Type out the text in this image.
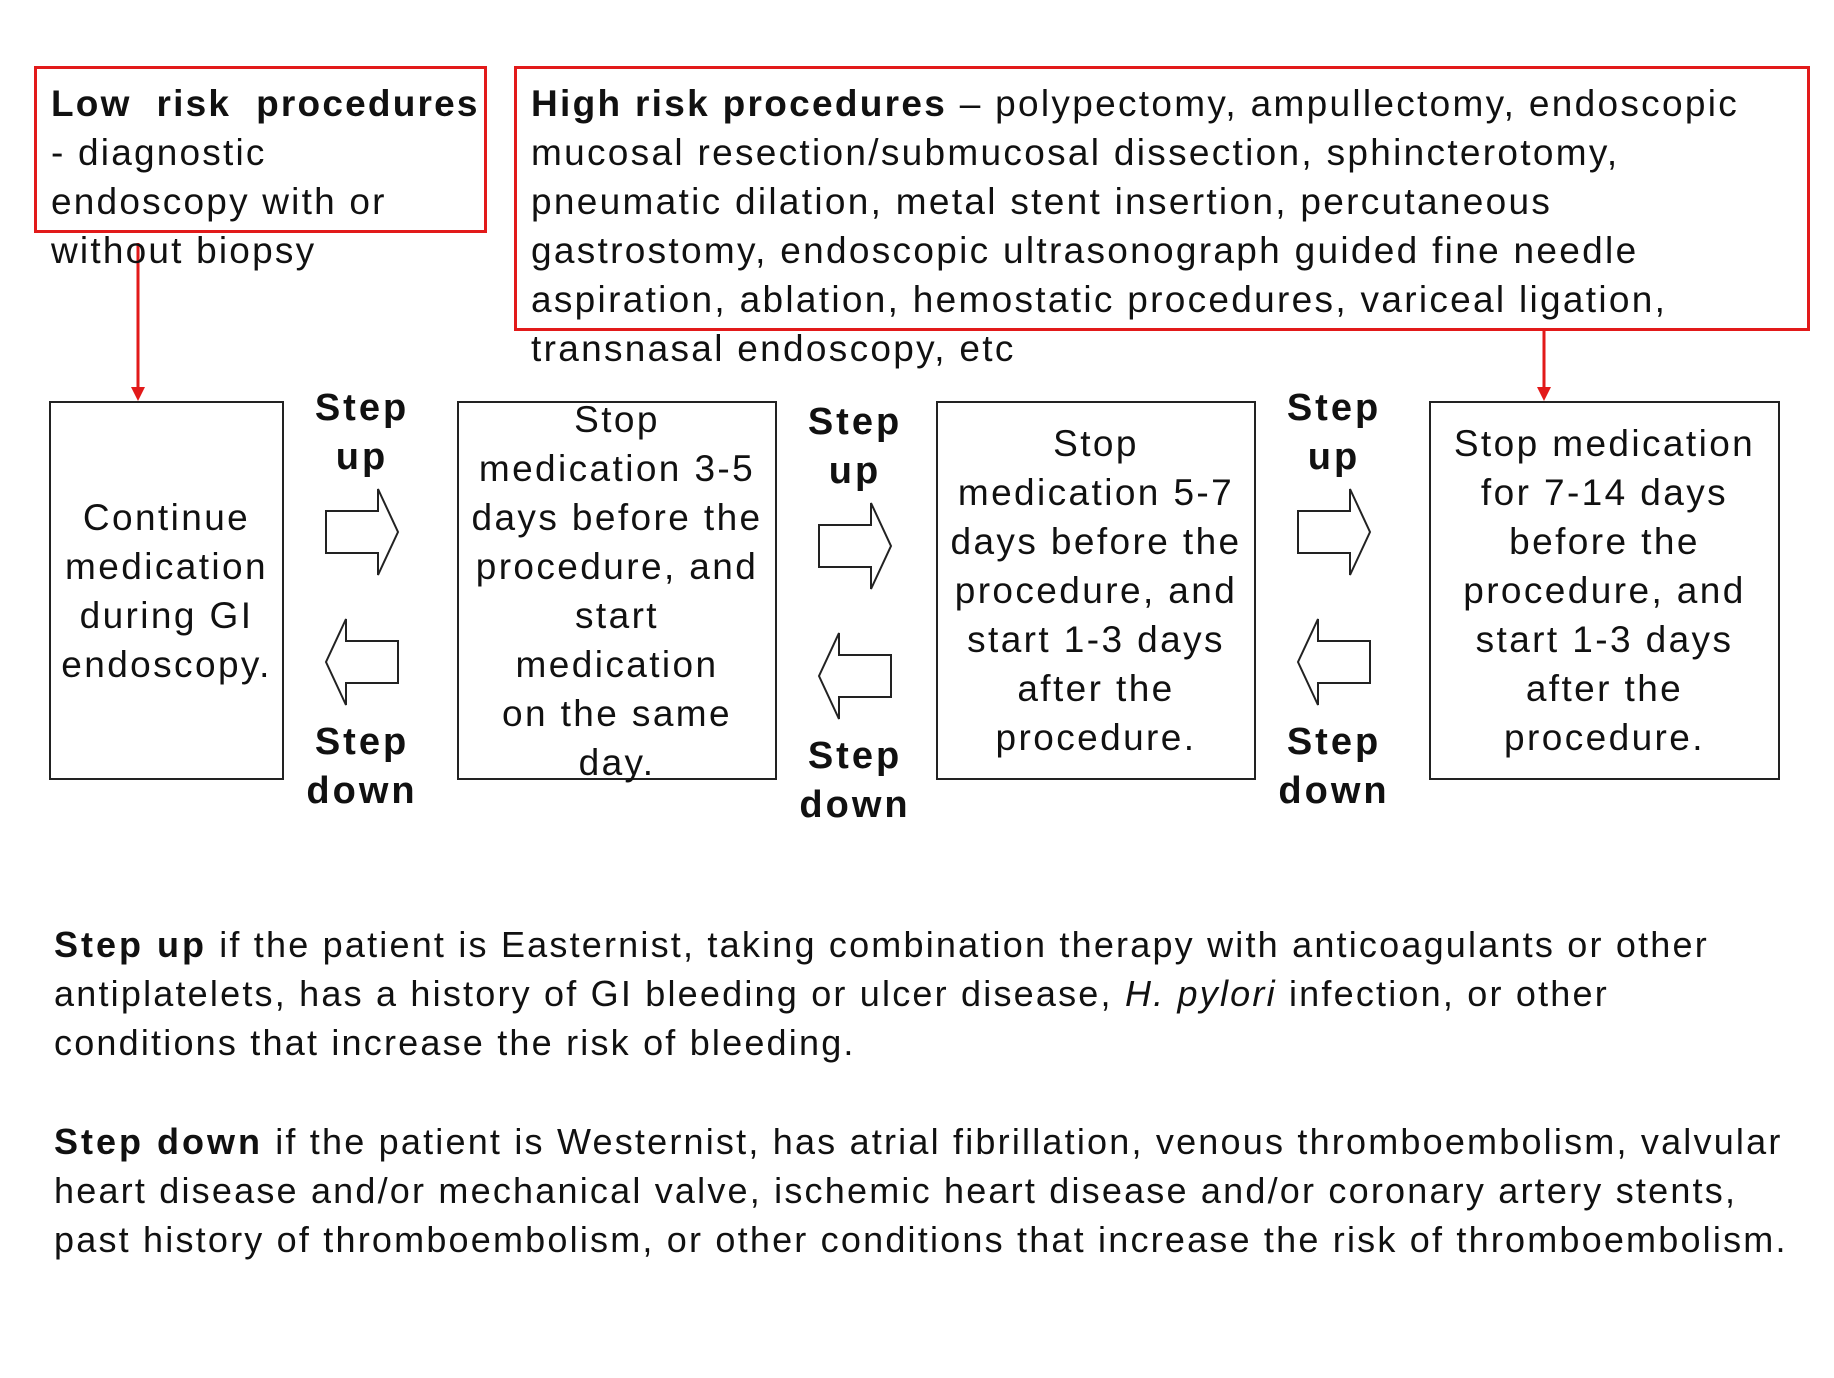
Low  risk  procedures - diagnostic endoscopy with or without biopsy
High risk procedures – polypectomy, ampullectomy, endoscopic mucosal resection/submucosal dissection, sphincterotomy, pneumatic dilation, metal stent insertion, percutaneous gastrostomy, endoscopic ultrasonograph guided fine needle aspiration, ablation, hemostatic procedures, variceal ligation, transnasal endoscopy, etc
Continue
medication
during GI
endoscopy.
Stop
medication 3-5
days before the
procedure, and
start medication
on the same
day.
Stop
medication 5-7
days before the
procedure, and
start 1-3 days
after the
procedure.
Stop medication
for 7-14 days
before the
procedure, and
start 1-3 days
after the
procedure.
Step
up
Step
down
Step
up
Step
down
Step
up
Step
down
Step up if the patient is Easternist, taking combination therapy with anticoagulants or other antiplatelets, has a history of GI bleeding or ulcer disease, H. pylori infection, or other conditions that increase the risk of bleeding.
Step down if the patient is Westernist, has atrial fibrillation, venous thromboembolism, valvular heart disease and/or mechanical valve, ischemic heart disease and/or coronary artery stents, past history of thromboembolism, or other conditions that increase the risk of thromboembolism.
